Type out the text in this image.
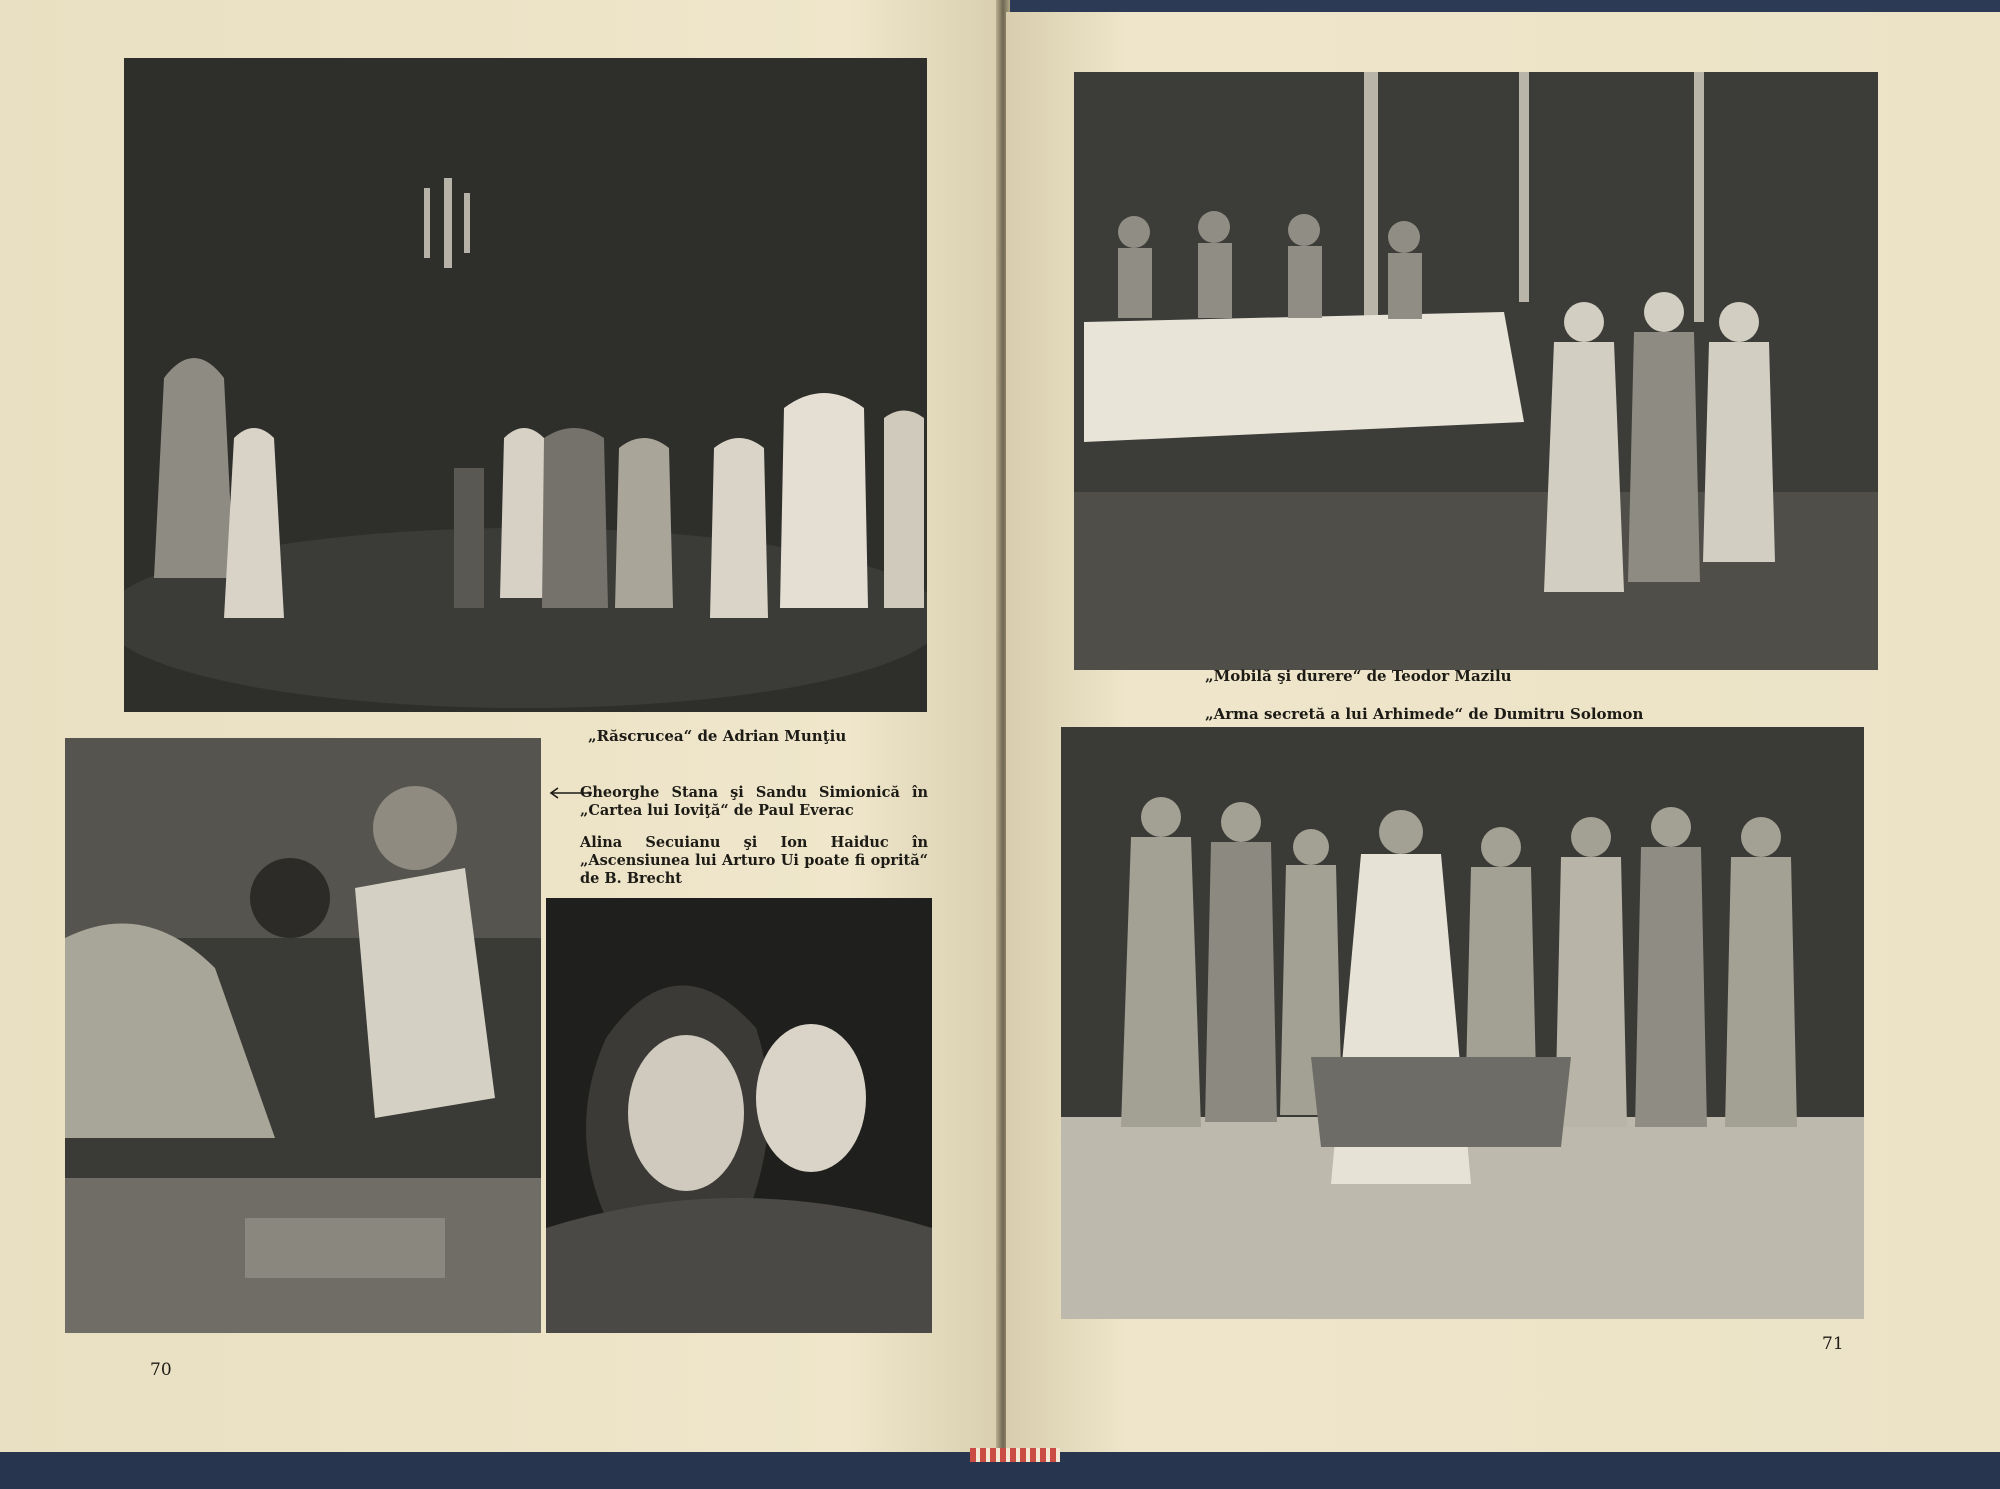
„Răscrucea“ de Adrian Munţiu
Gheorghe Stana şi Sandu Simionică în „Cartea lui Ioviţă“ de Paul Everac
Alina Secuianu şi Ion Haiduc în „Ascensiunea lui Arturo Ui poate fi oprită“ de B. Brecht
70
„Mobilă şi durere“ de Teodor Mazilu
„Arma secretă a lui Arhimede“ de Dumitru Solomon
71
